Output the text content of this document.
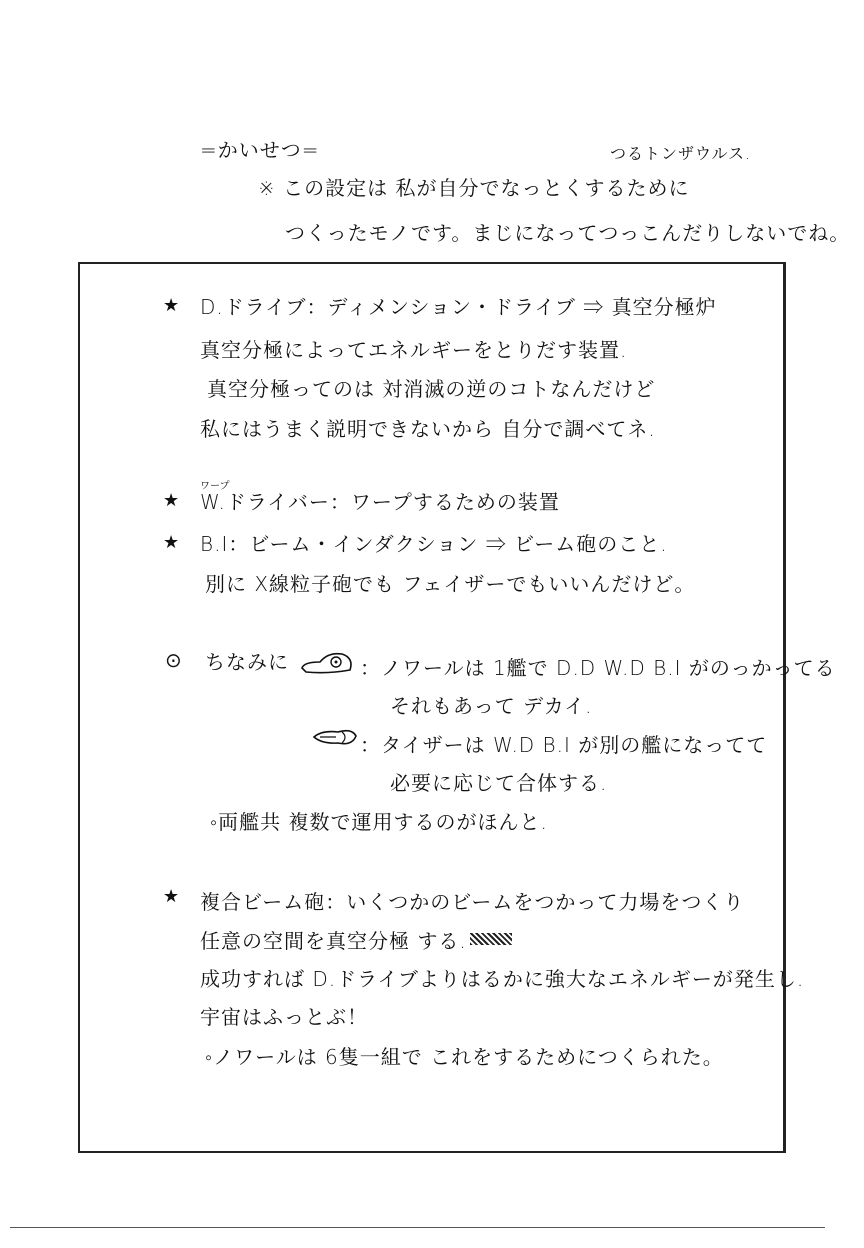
=かいせつ=	つるトンザウルス.
※ この設定は 私が自分でなっとくするために
つくったモノです。まじになってつっこんだりしないでね。
★ D.ドライブ：ディメンション・ドライブ ⇒ 真空分極炉
真空分極によってエネルギーをとりだす装置.
真空分極ってのは 対消滅の逆のコトなんだけど
私にはうまく説明できないから 自分で調べてネ.
ワープ
★ W.ドライバー：ワープするための装置
★ B.I：ビーム・インダクション ⇒ ビーム砲のこと.
別に X線粒子砲でも フェイザーでもいいんだけど。
⊙ ちなみに	：ノワールは 1艦で D.D W.D B.I がのっかってる
それもあって デカイ.
：タイザーは W.D B.I が別の艦になってて
必要に応じて合体する.
◦両艦共 複数で運用するのがほんと.
★ 複合ビーム砲：いくつかのビームをつかって力場をつくり
任意の空間を真空分極 する.
成功すれば D.ドライブよりはるかに強大なエネルギーが発生し.
宇宙はふっとぶ！
◦ノワールは 6隻一組で これをするためにつくられた。
